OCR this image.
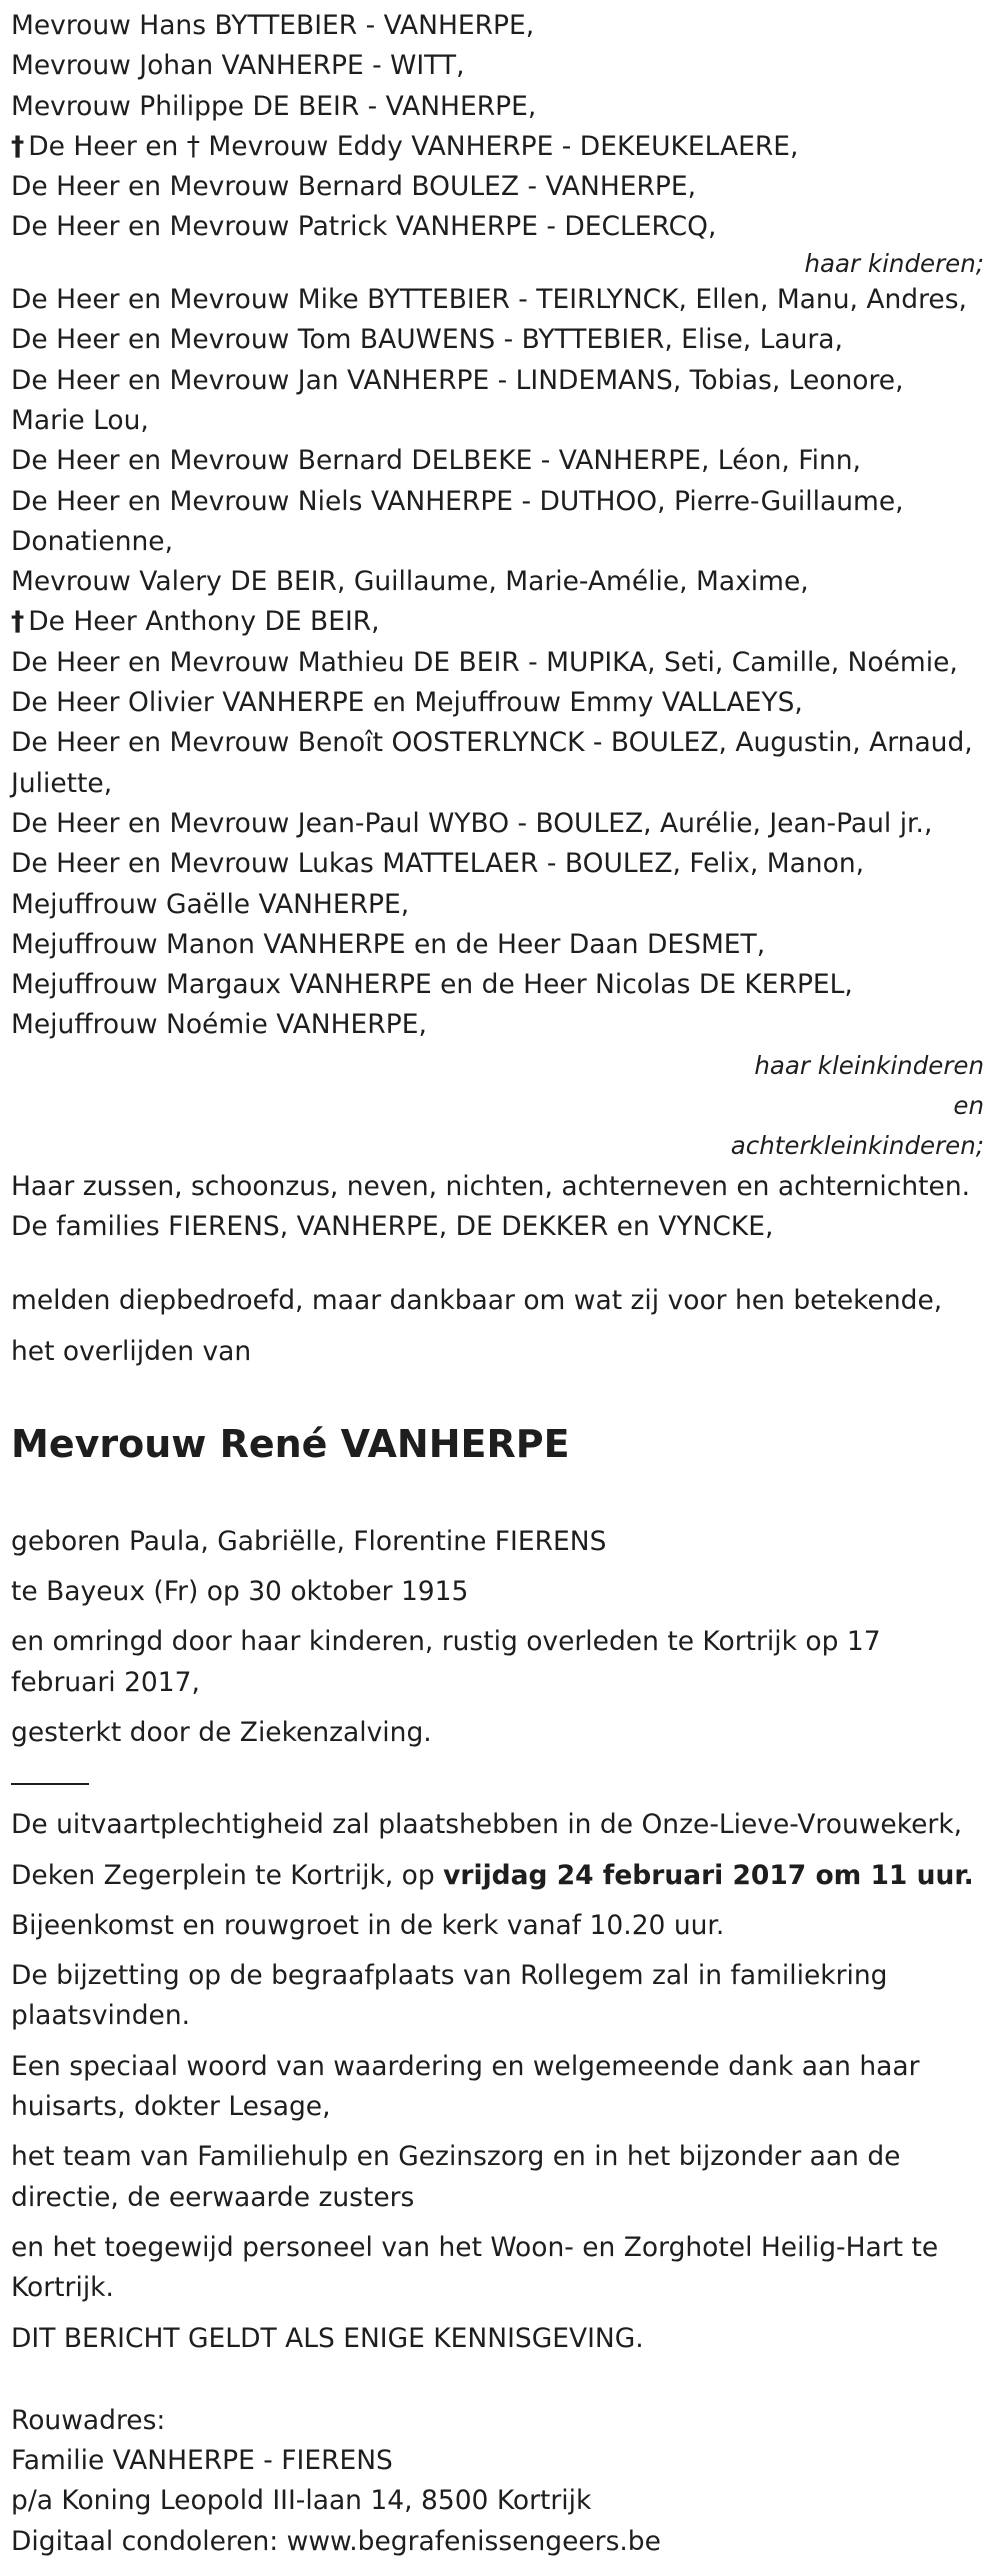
Mevrouw Hans BYTTEBIER - VANHERPE,

Mevrouw Johan VANHERPE - WITT,

Mevrouw Philippe DE BEIR - VANHERPE,

† De Heer en † Mevrouw Eddy VANHERPE - DEKEUKELAERE,

De Heer en Mevrouw Bernard BOULEZ - VANHERPE,

De Heer en Mevrouw Patrick VANHERPE - DECLERCQ,

haar kinderen;

De Heer en Mevrouw Mike BYTTEBIER - TEIRLYNCK, Ellen, Manu, Andres,

De Heer en Mevrouw Tom BAUWENS - BYTTEBIER, Elise, Laura,

De Heer en Mevrouw Jan VANHERPE - LINDEMANS, Tobias, Leonore, Marie Lou,

De Heer en Mevrouw Bernard DELBEKE - VANHERPE, Léon, Finn,

De Heer en Mevrouw Niels VANHERPE - DUTHOO, Pierre-Guillaume, Donatienne,

Mevrouw Valery DE BEIR, Guillaume, Marie-Amélie, Maxime,

† De Heer Anthony DE BEIR,

De Heer en Mevrouw Mathieu DE BEIR - MUPIKA, Seti, Camille, Noémie,

De Heer Olivier VANHERPE en Mejuffrouw Emmy VALLAEYS,

De Heer en Mevrouw Benoît OOSTERLYNCK - BOULEZ, Augustin, Arnaud, Juliette,

De Heer en Mevrouw Jean-Paul WYBO - BOULEZ, Aurélie, Jean-Paul jr.,

De Heer en Mevrouw Lukas MATTELAER - BOULEZ, Felix, Manon,

Mejuffrouw Gaëlle VANHERPE,

Mejuffrouw Manon VANHERPE en de Heer Daan DESMET,

Mejuffrouw Margaux VANHERPE en de Heer Nicolas DE KERPEL,

Mejuffrouw Noémie VANHERPE,

haar kleinkinderen
en
achterkleinkinderen;

Haar zussen, schoonzus, neven, nichten, achterneven en achternichten.

De families FIERENS, VANHERPE, DE DEKKER en VYNCKE,

melden diepbedroefd, maar dankbaar om wat zij voor hen betekende,

het overlijden van

Mevrouw René VANHERPE

geboren Paula, Gabriëlle, Florentine FIERENS

te Bayeux (Fr) op 30 oktober 1915

en omringd door haar kinderen, rustig overleden te Kortrijk op 17 februari 2017,

gesterkt door de Ziekenzalving.

De uitvaartplechtigheid zal plaatshebben in de Onze-Lieve-Vrouwekerk,

Deken Zegerplein te Kortrijk, op vrijdag 24 februari 2017 om 11 uur.

Bijeenkomst en rouwgroet in de kerk vanaf 10.20 uur.

De bijzetting op de begraafplaats van Rollegem zal in familiekring plaatsvinden.

Een speciaal woord van waardering en welgemeende dank aan haar huisarts, dokter Lesage,

het team van Familiehulp en Gezinszorg en in het bijzonder aan de directie, de eerwaarde zusters

en het toegewijd personeel van het Woon- en Zorghotel Heilig-Hart te Kortrijk.

DIT BERICHT GELDT ALS ENIGE KENNISGEVING.

Rouwadres:

Familie VANHERPE - FIERENS

p/a Koning Leopold III-laan 14, 8500 Kortrijk

Digitaal condoleren: www.begrafenissengeers.be
